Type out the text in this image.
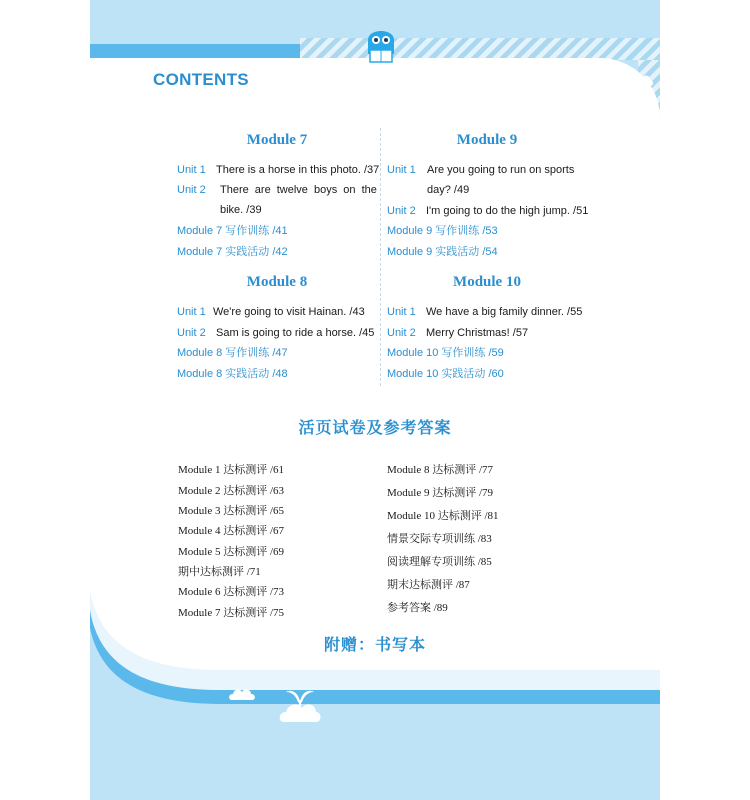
CONTENTS
Module 7
Unit 1 There is a horse in this photo. /37
Unit 2 There are twelve boys on the
bike. /39
Module 7 写作训练 /41
Module 7 实践活动 /42
Module 9
Unit 1 Are you going to run on sports
day? /49
Unit 2 I'm going to do the high jump. /51
Module 9 写作训练 /53
Module 9 实践活动 /54
Module 8
Unit 1 We're going to visit Hainan. /43
Unit 2 Sam is going to ride a horse. /45
Module 8 写作训练 /47
Module 8 实践活动 /48
Module 10
Unit 1 We have a big family dinner. /55
Unit 2 Merry Christmas! /57
Module 10 写作训练 /59
Module 10 实践活动 /60
活页试卷及参考答案
Module 1 达标测评 /61
Module 2 达标测评 /63
Module 3 达标测评 /65
Module 4 达标测评 /67
Module 5 达标测评 /69
期中达标测评 /71
Module 6 达标测评 /73
Module 7 达标测评 /75
Module 8 达标测评 /77
Module 9 达标测评 /79
Module 10 达标测评 /81
情景交际专项训练 /83
阅读理解专项训练 /85
期末达标测评 /87
参考答案 /89
附赠：书写本
